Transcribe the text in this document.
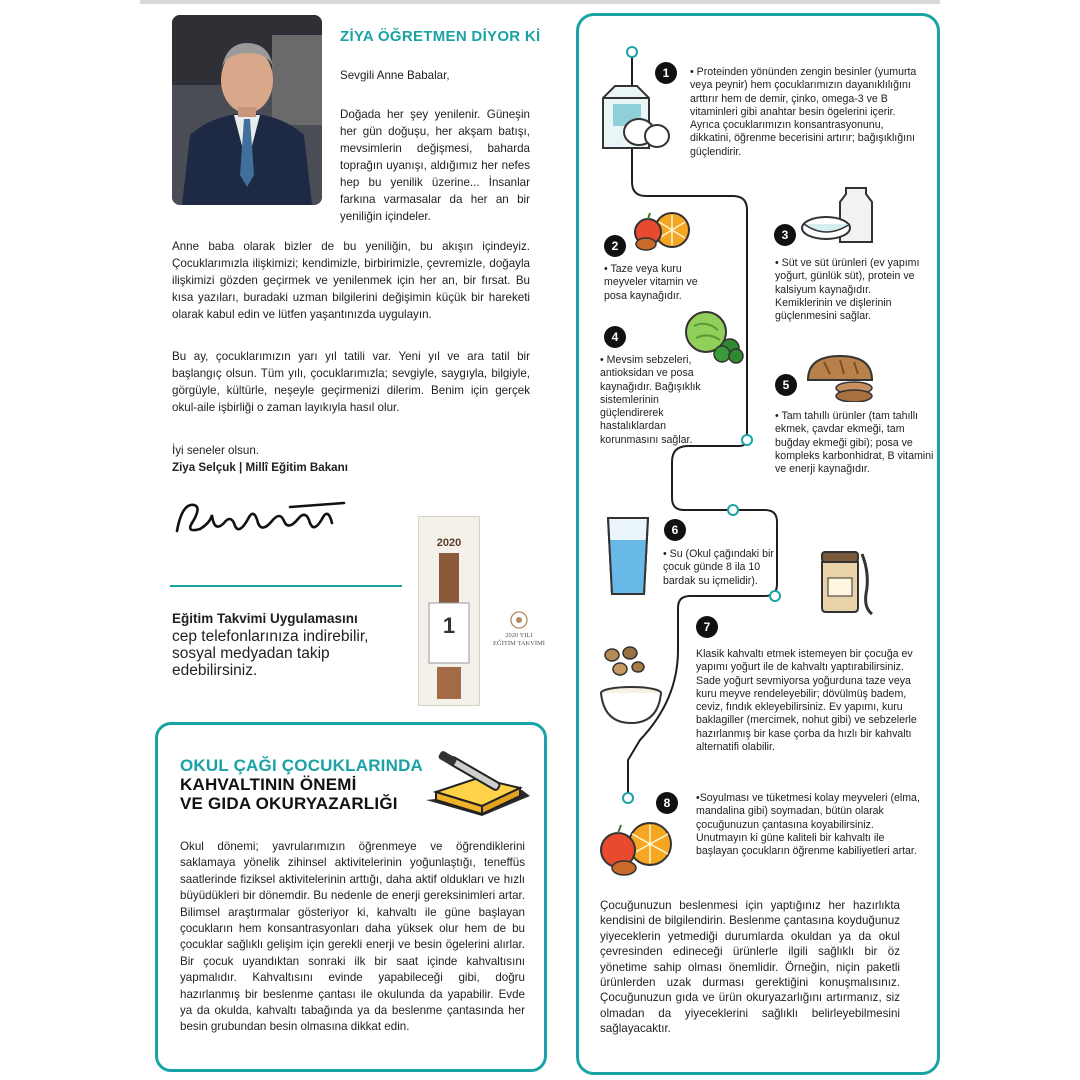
ZİYA ÖĞRETMEN DİYOR Kİ
Sevgili Anne Babalar,
Doğada her şey yenilenir. Güneşin her gün doğuşu, her akşam batışı, mevsimlerin değişmesi, baharda toprağın uyanışı, aldığımız her nefes hep bu yenilik üzerine... İnsanlar farkına varmasalar da her an bir yeniliğin içindeler.
Anne baba olarak bizler de bu yeniliğin, bu akışın içindeyiz. Çocuklarımızla ilişkimizi; kendimizle, birbirimizle, çevremizle, doğayla ilişkimizi gözden geçirmek ve yenilenmek için her an, bir fırsat. Bu kısa yazıları, buradaki uzman bilgilerini değişimin küçük bir hareketi olarak kabul edin ve lütfen yaşantınızda uygulayın.
Bu ay, çocuklarımızın yarı yıl tatili var. Yeni yıl ve ara tatil bir başlangıç olsun. Tüm yılı, çocuklarımızla; sevgiyle, saygıyla, bilgiyle, görgüyle, kültürle, neşeyle geçirmenizi dilerim. Benim için gerçek okul-aile işbirliği o zaman layıkıyla hasıl olur.
İyi seneler olsun.
Ziya Selçuk | Millî Eğitim Bakanı
Eğitim Takvimi Uygulamasını
cep telefonlarınıza indirebilir, sosyal medyadan takip edebilirsiniz.
2020
1	2020 YILI
EĞİTİM TAKVİMİ
OKUL ÇAĞI ÇOCUKLARINDA
KAHVALTININ ÖNEMİ
VE GIDA OKURYAZARLIĞI
Okul dönemi; yavrularımızın öğrenmeye ve öğrendiklerini saklamaya yönelik zihinsel aktivitelerinin yoğunlaştığı, teneffüs saatlerinde fiziksel aktivitelerinin arttığı, daha aktif oldukları ve hızlı büyüdükleri bir dönemdir. Bu nedenle de enerji gereksinimleri artar. Bilimsel araştırmalar gösteriyor ki, kahvaltı ile güne başlayan çocukların hem konsantrasyonları daha yüksek olur hem de bu çocuklar sağlıklı gelişim için gerekli enerji ve besin ögelerini alırlar. Bir çocuk uyandıktan sonraki ilk bir saat içinde kahvaltısını yapmalıdır. Kahvaltısını evinde yapabileceği gibi, doğru hazırlanmış bir beslenme çantası ile okulunda da yapabilir. Evde ya da okulda, kahvaltı tabağında ya da beslenme çantasında her besin grubundan besin olmasına dikkat edin.
1	• Proteinden yönünden zengin besinler (yumurta veya peynir) hem çocuklarımızın dayanıklılığını arttırır hem de demir, çinko, omega-3 ve B vitaminleri gibi anahtar besin ögelerini içerir. Ayrıca çocuklarımızın konsantrasyonunu, dikkatini, öğrenme becerisini artırır; bağışıklığını güçlendirir.
2
• Taze veya kuru meyveler vitamin ve posa kaynağıdır.
3
• Süt ve süt ürünleri (ev yapımı yoğurt, günlük süt), protein ve kalsiyum kaynağıdır. Kemiklerinin ve dişlerinin güçlenmesini sağlar.
4
• Mevsim sebzeleri, antioksidan ve posa kaynağıdır. Bağışıklık sistemlerinin güçlendirerek hastalıklardan korunmasını sağlar.
5
• Tam tahıllı ürünler (tam tahıllı ekmek, çavdar ekmeği, tam buğday ekmeği gibi); posa ve kompleks karbonhidrat, B vitamini ve enerji kaynağıdır.
6
• Su (Okul çağındaki bir çocuk günde 8 ila 10 bardak su içmelidir).
7
Klasik kahvaltı etmek istemeyen bir çocuğa ev yapımı yoğurt ile de kahvaltı yaptırabilirsiniz. Sade yoğurt sevmiyorsa yoğurduna taze veya kuru meyve rendeleyebilir; dövülmüş badem, ceviz, fındık ekleyebilirsiniz. Ev yapımı, kuru baklagiller (mercimek, nohut gibi) ve sebzelerle hazırlanmış bir kase çorba da hızlı bir kahvaltı alternatifi olabilir.
8	•Soyulması ve tüketmesi kolay meyveleri (elma, mandalina gibi) soymadan, bütün olarak çocuğunuzun çantasına koyabilirsiniz. Unutmayın ki güne kaliteli bir kahvaltı ile başlayan çocukların öğrenme kabiliyetleri artar.
Çocuğunuzun beslenmesi için yaptığınız her hazırlıkta kendisini de bilgilendirin. Beslenme çantasına koyduğunuz yiyeceklerin yetmediği durumlarda okuldan ya da okul çevresinden edineceği ürünlerle ilgili sağlıklı bir öz yönetime sahip olması önemlidir. Örneğin, niçin paketli ürünlerden uzak durması gerektiğini konuşmalısınız. Çocuğunuzun gıda ve ürün okuryazarlığını artırmanız, siz olmadan da yiyeceklerini sağlıklı belirleyebilmesini sağlayacaktır.
